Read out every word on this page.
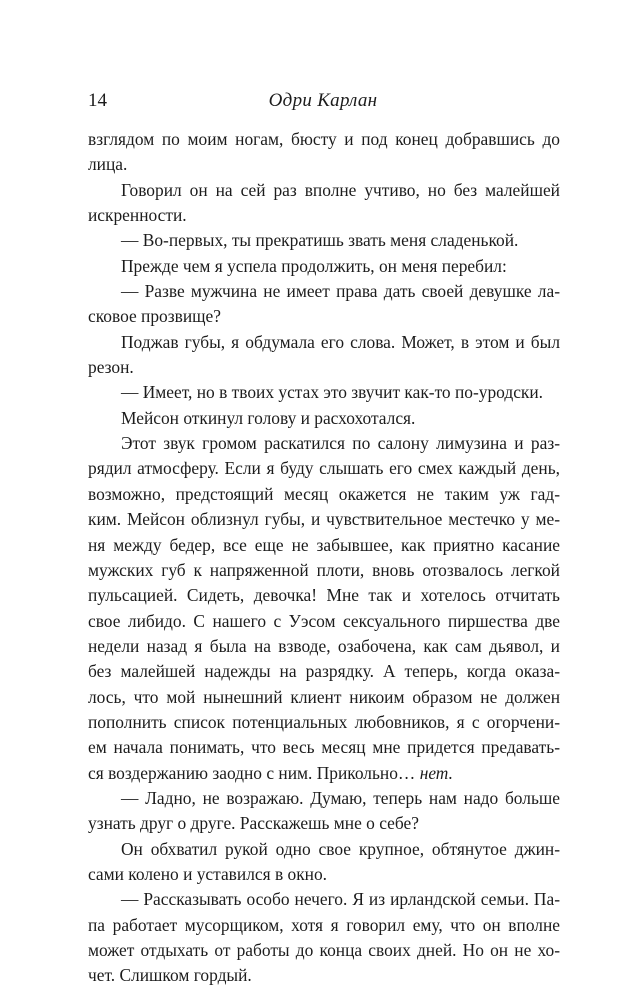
14	Одри Карлан
взглядом по моим ногам, бюсту и под конец добравшись до
лица.
Говорил он на сей раз вполне учтиво, но без малейшей
искренности.
— Во-первых, ты прекратишь звать меня сладенькой.
Прежде чем я успела продолжить, он меня перебил:
— Разве мужчина не имеет права дать своей девушке ла-
сковое прозвище?
Поджав губы, я обдумала его слова. Может, в этом и был
резон.
— Имеет, но в твоих устах это звучит как-то по-уродски.
Мейсон откинул голову и расхохотался.
Этот звук громом раскатился по салону лимузина и раз-
рядил атмосферу. Если я буду слышать его смех каждый день,
возможно, предстоящий месяц окажется не таким уж гад-
ким. Мейсон облизнул губы, и чувствительное местечко у ме-
ня между бедер, все еще не забывшее, как приятно касание
мужских губ к напряженной плоти, вновь отозвалось легкой
пульсацией. Сидеть, девочка! Мне так и хотелось отчитать
свое либидо. С нашего с Уэсом сексуального пиршества две
недели назад я была на взводе, озабочена, как сам дьявол, и
без малейшей надежды на разрядку. А теперь, когда оказа-
лось, что мой нынешний клиент никоим образом не должен
пополнить список потенциальных любовников, я с огорчени-
ем начала понимать, что весь месяц мне придется предавать-
ся воздержанию заодно с ним. Прикольно… нет.
— Ладно, не возражаю. Думаю, теперь нам надо больше
узнать друг о друге. Расскажешь мне о себе?
Он обхватил рукой одно свое крупное, обтянутое джин-
сами колено и уставился в окно.
— Рассказывать особо нечего. Я из ирландской семьи. Па-
па работает мусорщиком, хотя я говорил ему, что он вполне
может отдыхать от работы до конца своих дней. Но он не хо-
чет. Слишком гордый.
